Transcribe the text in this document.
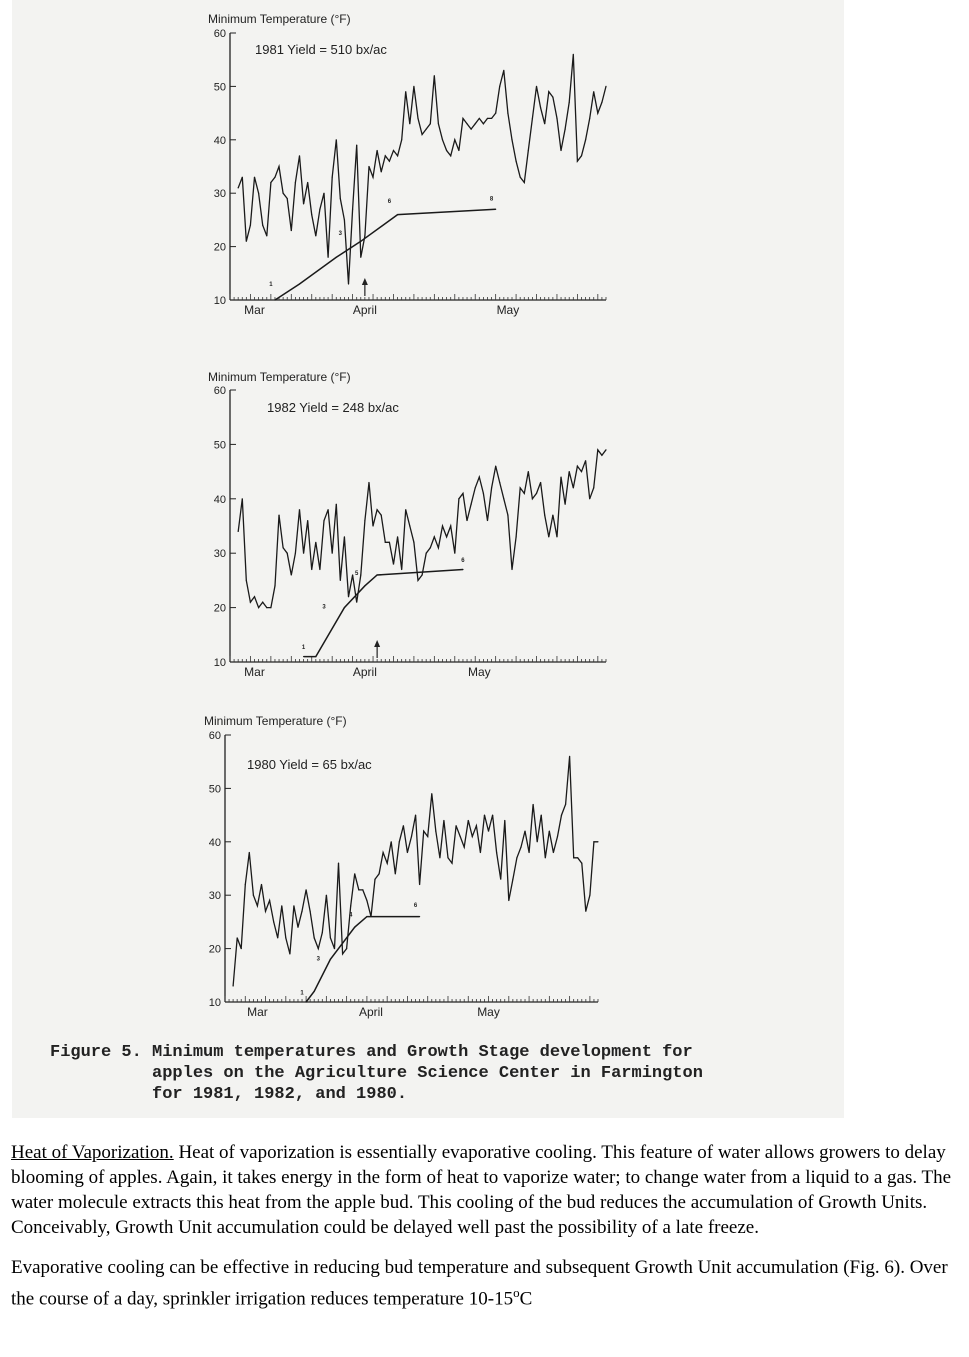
Minimum Temperature (°F)
1981 Yield = 510 bx/ac
10
20
30
40
50
60
Mar	April	May
1
3
6	8
Minimum Temperature (°F)
1982 Yield = 248 bx/ac
10
20
30
40
50
60
Mar	April	May
1
3
5
6
Minimum Temperature (°F)
1980 Yield = 65 bx/ac
10
20
30
40
50
60
Mar	April	May
1
3
4
6
Figure 5. Minimum temperatures and Growth Stage development for
apples on the Agriculture Science Center in Farmington
for 1981, 1982, and 1980.

Heat of Vaporization. Heat of vaporization is essentially evaporative cooling. This feature of water allows growers to delay blooming of apples. Again, it takes energy in the form of heat to vaporize water; to change water from a liquid to a gas. The water molecule extracts this heat from the apple bud. This cooling of the bud reduces the accumulation of Growth Units. Conceivably, Growth Unit accumulation could be delayed well past the possibility of a late freeze.

Evaporative cooling can be effective in reducing bud temperature and subsequent Growth Unit accumulation (Fig. 6). Over the course of a day, sprinkler irrigation reduces temperature 10-15$^o$C
